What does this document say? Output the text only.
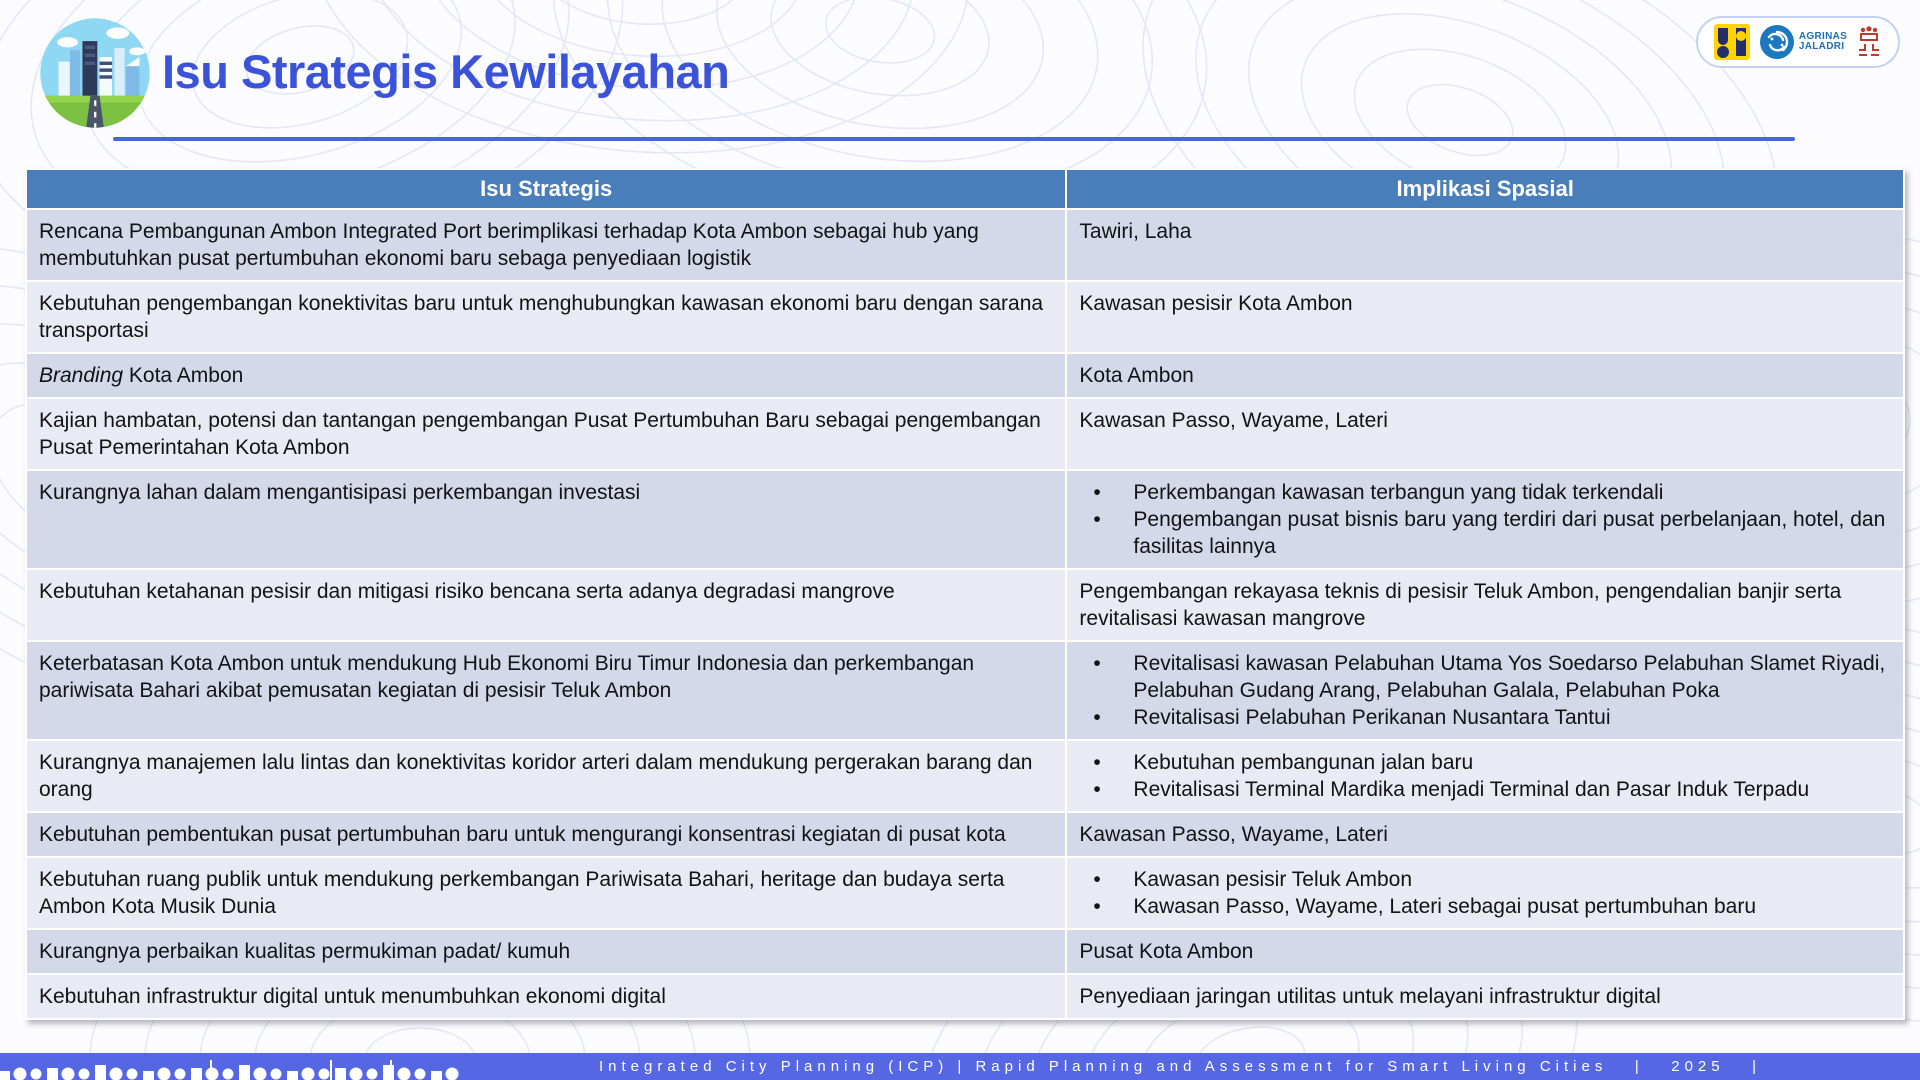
Isu Strategis Kewilayahan
AGRINAS
JALADRI
Isu Strategis	Implikasi Spasial
Rencana Pembangunan Ambon Integrated Port berimplikasi terhadap Kota Ambon sebagai hub yang membutuhkan pusat pertumbuhan ekonomi baru sebaga penyediaan logistik	Tawiri, Laha
Kebutuhan pengembangan konektivitas baru untuk menghubungkan kawasan ekonomi baru dengan sarana transportasi	Kawasan pesisir Kota Ambon
Branding Kota Ambon	Kota Ambon
Kajian hambatan, potensi dan tantangan pengembangan Pusat Pertumbuhan Baru sebagai pengembangan Pusat Pemerintahan Kota Ambon	Kawasan Passo, Wayame, Lateri
Kurangnya lahan dalam mengantisipasi perkembangan investasi	• Perkembangan kawasan terbangun yang tidak terkendali
• Pengembangan pusat bisnis baru yang terdiri dari pusat perbelanjaan, hotel, dan fasilitas lainnya

Kebutuhan ketahanan pesisir dan mitigasi risiko bencana serta adanya degradasi mangrove	Pengembangan rekayasa teknis di pesisir Teluk Ambon, pengendalian banjir serta revitalisasi kawasan mangrove
Keterbatasan Kota Ambon untuk mendukung Hub Ekonomi Biru Timur Indonesia dan perkembangan pariwisata Bahari akibat pemusatan kegiatan di pesisir Teluk Ambon	• Revitalisasi kawasan Pelabuhan Utama Yos Soedarso Pelabuhan Slamet Riyadi, Pelabuhan Gudang Arang, Pelabuhan Galala, Pelabuhan Poka
• Revitalisasi Pelabuhan Perikanan Nusantara Tantui

Kurangnya manajemen lalu lintas dan konektivitas koridor arteri dalam mendukung pergerakan barang dan orang	• Kebutuhan pembangunan jalan baru
• Revitalisasi Terminal Mardika menjadi Terminal dan Pasar Induk Terpadu

Kebutuhan pembentukan pusat pertumbuhan baru untuk mengurangi konsentrasi kegiatan di pusat kota	Kawasan Passo, Wayame, Lateri
Kebutuhan ruang publik untuk mendukung perkembangan Pariwisata Bahari, heritage dan budaya serta Ambon Kota Musik Dunia	• Kawasan pesisir Teluk Ambon
• Kawasan Passo, Wayame, Lateri sebagai pusat pertumbuhan baru

Kurangnya perbaikan kualitas permukiman padat/ kumuh	Pusat Kota Ambon
Kebutuhan infrastruktur digital untuk menumbuhkan ekonomi digital	Penyediaan jaringan utilitas untuk melayani infrastruktur digital
Integrated City Planning (ICP) | Rapid Planning and Assessment for Smart Living Cities   |   2025   |
